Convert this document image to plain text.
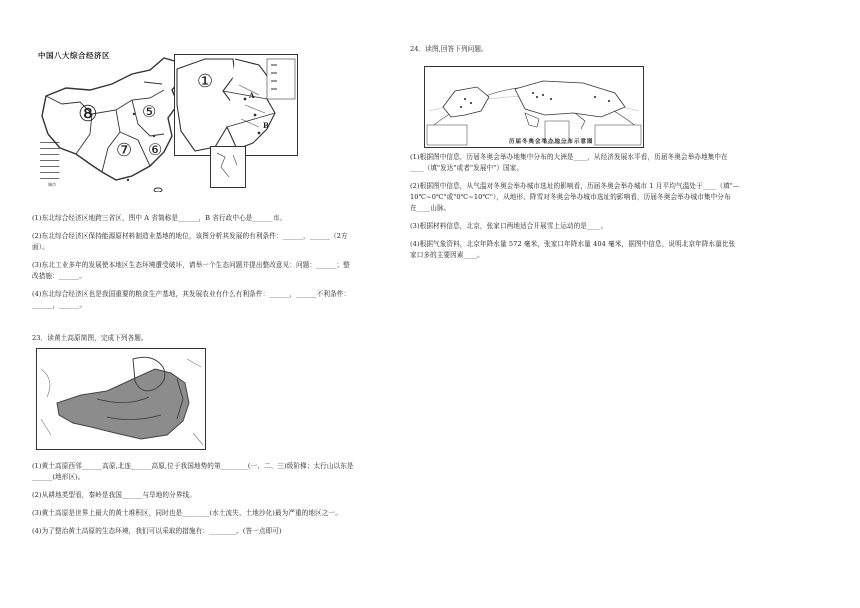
中国八大综合经济区
⑧	⑤
⑦ ⑥
━━━━━━━━
━━━━━━━━
━━━━━━━━
━━━━━━━━
━━━━━━━━
━━━━━━━━
━━━━━━━━
城市
①
A
B

(1)东北综合经济区地跨三省区，图中 A 省简称是______，B 省行政中心是______市。

(2)东北综合经济区保持能源原材料制造业基地的地位，该图分析其发展的有利条件：______，______（2方

面）。

(3)东北工业多年的发展使本地区生态环境遭受破坏，请举一个生态问题并提出整改意见：问题：______；整

改措施：______。

(4)东北综合经济区也是我国重要的粮食生产基地，其发展农业有什么有利条件：______，______不利条件：

______，______。

23．读黄土高原简图，完成下列各题。

(1)黄土高原西邻______高原,北连______高原,位于我国地势的第________(一、二、三)级阶梯；太行山以东是

______(地形区)。

(2)从耕地类型看，秦岭是我国______与旱地的分界线。

(3)黄土高原是世界上最大的黄土堆积区，同时也是________(水土流失、土地沙化)最为严重的地区之一。

(4)为了整治黄土高原的生态环境，我们可以采取的措施有：________。(答一点即可)

24．读图,回答下列问题。

历届冬奥会举办地分布示意图

(1)根据图中信息，历届冬奥会举办地集中分布的大洲是____，从经济发展水平看，历届冬奥会举办地集中在

____（填"发达"或者"发展中"）国家。

(2)根据图中信息，从气温对冬奥会举办城市选址的影响看，历届冬奥会举办城市 1 月平均气温处于____（填"—

10℃~0℃"或"0℃~10℃"），从地形、降雪对冬奥会举办城市选址的影响看，历届冬奥会举办城市集中分布

在____山脉。

(3)根据材料信息，北京，张家口两地适合开展雪上运动的是____。

(4)根据气象资料，北京年降水量 572 毫米，张家口年降水量 404 毫米，据图中信息，说明北京年降水量比张

家口多的主要因素____。
